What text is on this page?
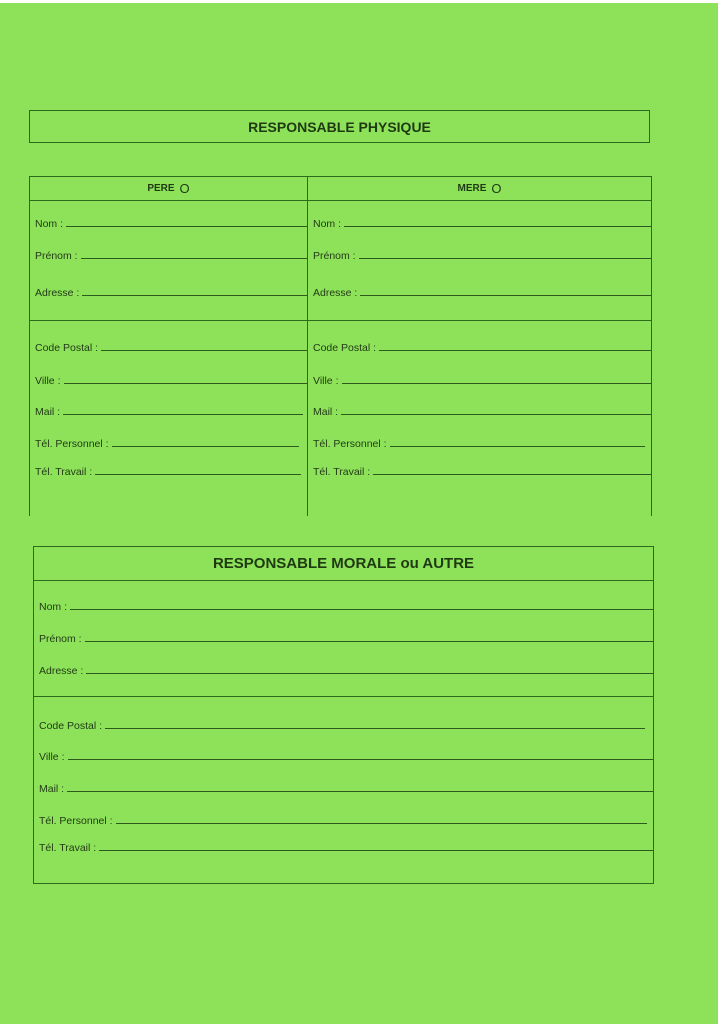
RESPONSABLE PHYSIQUE
PERE O
Nom :
Prénom :
Adresse :
Code Postal :
Ville :
Mail :
Tél. Personnel :
Tél. Travail :
MERE O
Nom :
Prénom :
Adresse :
Code Postal :
Ville :
Mail :
Tél. Personnel :
Tél. Travail :
RESPONSABLE MORALE ou AUTRE
Nom :
Prénom :
Adresse :
Code Postal :
Ville :
Mail :
Tél. Personnel :
Tél. Travail :
